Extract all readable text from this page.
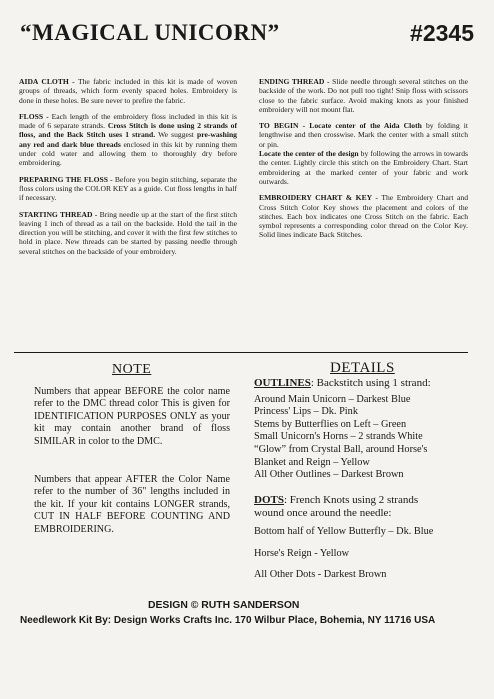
“MAGICAL UNICORN”	#2345

AIDA CLOTH - The fabric included in this kit is made of woven groups of threads, which form evenly spaced holes. Embroidery is done in these holes. Be sure never to prefire the fabric.

FLOSS - Each length of the embroidery floss included in this kit is made of 6 separate strands. Cross Stitch is done using 2 strands of floss, and the Back Stitch uses 1 strand. We suggest pre-washing any red and dark blue threads enclosed in this kit by running them under cold water and allowing them to thoroughly dry before embroidering.

PREPARING THE FLOSS - Before you begin stitching, separate the floss colors using the COLOR KEY as a guide. Cut floss lengths in half if necessary.

STARTING THREAD - Bring needle up at the start of the first stitch leaving 1 inch of thread as a tail on the backside. Hold the tail in the direction you will be stitching, and cover it with the first few stitches to hold in place. New threads can be started by passing needle through several stitches on the backside of your embroidery.

ENDING THREAD - Slide needle through several stitches on the backside of the work. Do not pull too tight! Snip floss with scissors close to the fabric surface. Avoid making knots as your finished embroidery will not mount flat.

TO BEGIN - Locate center of the Aida Cloth by folding it lengthwise and then crosswise. Mark the center with a small stitch or pin.
Locate the center of the design by following the arrows in towards the center. Lightly circle this stitch on the Embroidery Chart. Start embroidering at the marked center of your fabric and work outwards.

EMBROIDERY CHART & KEY - The Embroidery Chart and Cross Stitch Color Key shows the placement and colors of the stitches. Each box indicates one Cross Stitch on the fabric. Each symbol represents a corresponding color thread on the Color Key. Solid lines indicate Back Stitches.

NOTE
Numbers that appear BEFORE the color name refer to the DMC thread color This is given for IDENTIFICATION PURPOSES ONLY as your kit may contain another brand of floss SIMILAR in color to the DMC.
Numbers that appear AFTER the Color Name refer to the number of 36" lengths included in the kit. If your kit contains LONGER strands, CUT IN HALF BEFORE COUNTING AND EMBROIDERING.
DETAILS
OUTLINES: Backstitch using 1 strand:
Around Main Unicorn – Darkest Blue
Princess' Lips – Dk. Pink
Stems by Butterflies on Left – Green
Small Unicorn's Horns – 2 strands White
“Glow” from Crystal Ball, around Horse's
Blanket and Reign – Yellow
All Other Outlines – Darkest Brown
DOTS: French Knots using 2 strands
wound once around the needle:
Bottom half of Yellow Butterfly – Dk. Blue
Horse's Reign - Yellow
All Other Dots - Darkest Brown
DESIGN © RUTH SANDERSON
Needlework Kit By: Design Works Crafts Inc. 170 Wilbur Place, Bohemia, NY 11716 USA
